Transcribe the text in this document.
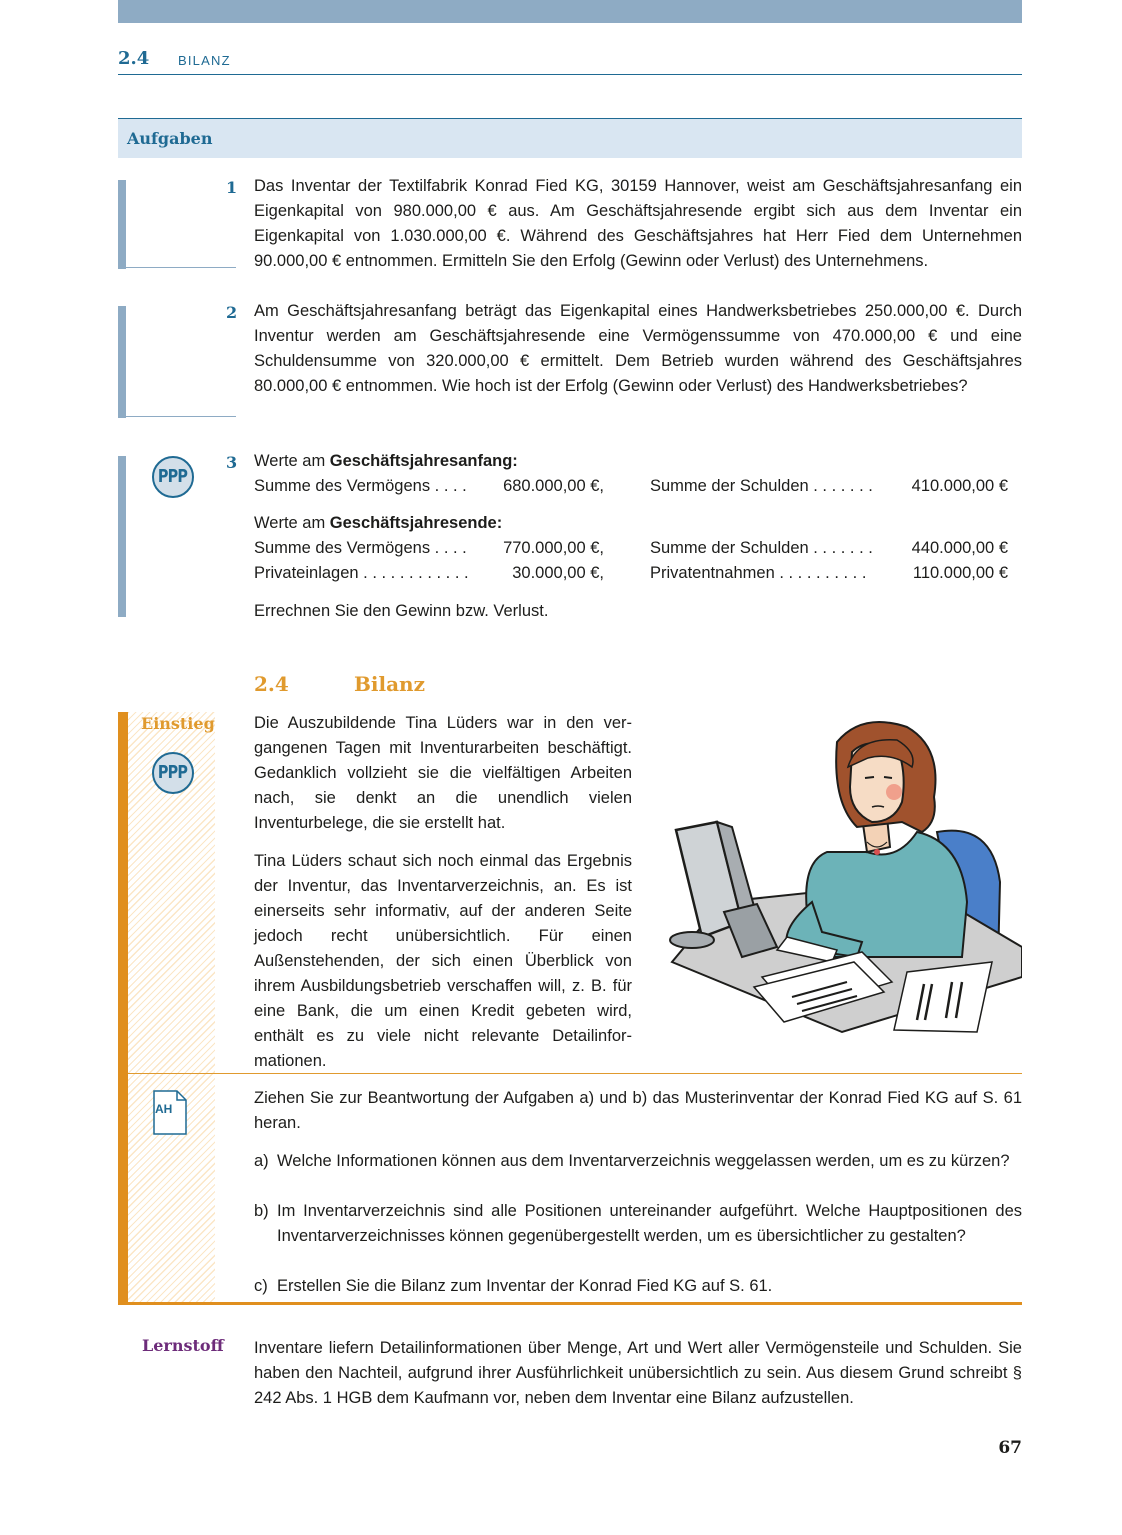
2.4 BILANZ
Aufgaben
1 Das Inventar der Textilfabrik Konrad Fied KG, 30159 Hannover, weist am Geschäftsjahresanfang ein Eigenkapital von 980.000,00 € aus. Am Geschäftsjahresende ergibt sich aus dem Inventar ein Eigenkapital von 1.030.000,00 €. Während des Geschäftsjahres hat Herr Fied dem Unternehmen 90.000,00 € entnommen. Ermitteln Sie den Erfolg (Gewinn oder Verlust) des Unternehmens.
2 Am Geschäftsjahresanfang beträgt das Eigenkapital eines Handwerksbetriebes 250.000,00 €. Durch Inventur werden am Geschäftsjahresende eine Vermögenssumme von 470.000,00 € und eine Schuldensumme von 320.000,00 € ermittelt. Dem Betrieb wurden während des Geschäftsjahres 80.000,00 € entnommen. Wie hoch ist der Erfolg (Gewinn oder Verlust) des Handwerksbetriebes?
PPP
3 Werte am Geschäftsjahresanfang:
Summe des Vermögens . . . .	680.000,00 €,	Summe der Schulden . . . . . . .	410.000,00 €
Werte am Geschäftsjahresende:
Summe des Vermögens . . . .	770.000,00 €,	Summe der Schulden . . . . . . .	440.000,00 €
Privateinlagen . . . . . . . . . . . .	30.000,00 €,	Privatentnahmen . . . . . . . . . .	110.000,00 €
Errechnen Sie den Gewinn bzw. Verlust.
2.4	Bilanz
Einstieg
PPP
Die Auszubildende Tina Lüders war in den vergangenen Tagen mit Inventurarbeiten beschäftigt. Gedanklich vollzieht sie die vielfältigen Arbeiten nach, sie denkt an die unendlich vielen Inventurbelege, die sie erstellt hat.
Tina Lüders schaut sich noch einmal das Ergebnis der Inventur, das Inventarverzeichnis, an. Es ist einerseits sehr informativ, auf der anderen Seite jedoch recht unübersichtlich. Für einen Außenstehenden, der sich einen Überblick von ihrem Ausbildungsbetrieb verschaffen will, z. B. für eine Bank, die um einen Kredit gebeten wird, enthält es zu viele nicht relevante Detailinformationen.
AH
Ziehen Sie zur Beantwortung der Aufgaben a) und b) das Musterinventar der Konrad Fied KG auf S. 61 heran.
a) Welche Informationen können aus dem Inventarverzeichnis weggelassen werden, um es zu kürzen?
b) Im Inventarverzeichnis sind alle Positionen untereinander aufgeführt. Welche Hauptpositionen des Inventarverzeichnisses können gegenübergestellt werden, um es übersichtlicher zu gestalten?
c) Erstellen Sie die Bilanz zum Inventar der Konrad Fied KG auf S. 61.
Lernstoff Inventare liefern Detailinformationen über Menge, Art und Wert aller Vermögensteile und Schulden. Sie haben den Nachteil, aufgrund ihrer Ausführlichkeit unübersichtlich zu sein. Aus diesem Grund schreibt § 242 Abs. 1 HGB dem Kaufmann vor, neben dem Inventar eine Bilanz aufzustellen.
67
